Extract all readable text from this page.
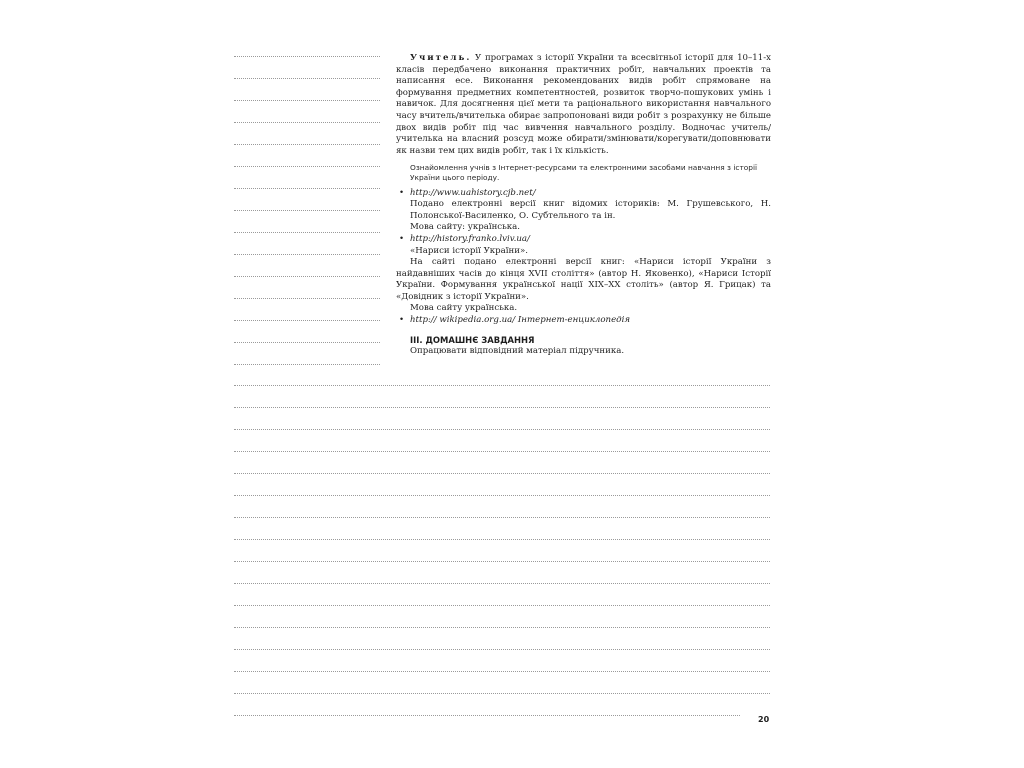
Учитель. У програмах з історії України та всесвітньої історії для 10–11-х класів передбачено виконання практичних робіт, навчальних проектів та написання есе. Виконання рекомендованих видів робіт спрямоване на формування предметних компетентностей, розвиток творчо-пошукових умінь і навичок. Для досягнення цієї мети та раціонального використання навчального часу вчитель/вчителька обирає запропоновані види робіт з розрахунку не більше двох видів робіт під час вивчення навчального розділу. Водночас учитель/учителька на власний розсуд може обирати/змінювати/корегувати/доповнювати як назви тем цих видів робіт, так і їх кількість.

Ознайомлення учнів з Інтернет-ресурсами та електронними засобами навчання з історії України цього періоду.

• http://www.uahistory.cjb.net/

Подано електронні версії книг відомих істориків: М. Грушевського, Н. Полонської-Василенко, О. Субтельного та ін.

Мова сайту: українська.

• http://history.franko.lviv.ua/

«Нариси історії України».

На сайті подано електронні версії книг: «Нариси історії України з найдавніших часів до кінця XVII століття» (автор Н. Яковенко), «Нариси Історії України. Формування української нації XIX–XX століть» (автор Я. Грицак) та «Довідник з історії України».

Мова сайту українська.

• http:// wikipedia.org.ua/ Інтернет-енциклопедія

III. ДОМАШНЄ ЗАВДАННЯ

Опрацювати відповідний матеріал підручника.

20
